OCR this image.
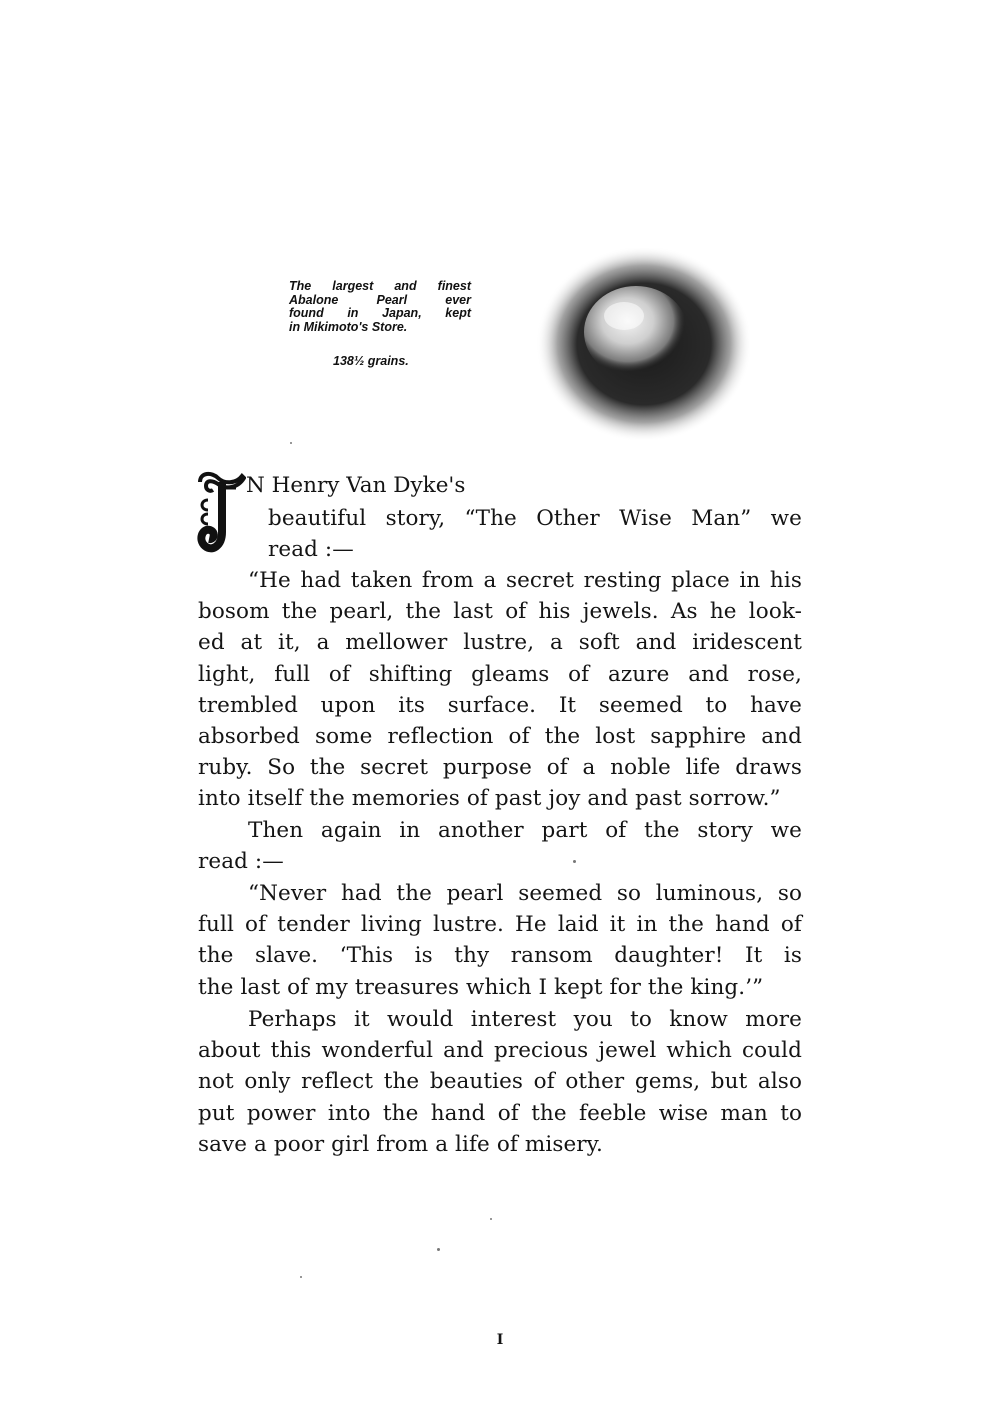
The largest and finest
Abalone Pearl ever
found in Japan, kept
in Mikimoto's Store.
138½ grains.
N Henry Van Dyke's
beautiful story, “The Other Wise Man” we
read :—
“He had taken from a secret resting place in his
bosom the pearl, the last of his jewels. As he look-
ed at it, a mellower lustre, a soft and iridescent
light, full of shifting gleams of azure and rose,
trembled upon its surface. It seemed to have
absorbed some reflection of the lost sapphire and
ruby. So the secret purpose of a noble life draws
into itself the memories of past joy and past sorrow.”
Then again in another part of the story we
read :—
“Never had the pearl seemed so luminous, so
full of tender living lustre. He laid it in the hand of
the slave. ‘This is thy ransom daughter! It is
the last of my treasures which I kept for the king.’”
Perhaps it would interest you to know more
about this wonderful and precious jewel which could
not only reflect the beauties of other gems, but also
put power into the hand of the feeble wise man to
save a poor girl from a life of misery.
I
